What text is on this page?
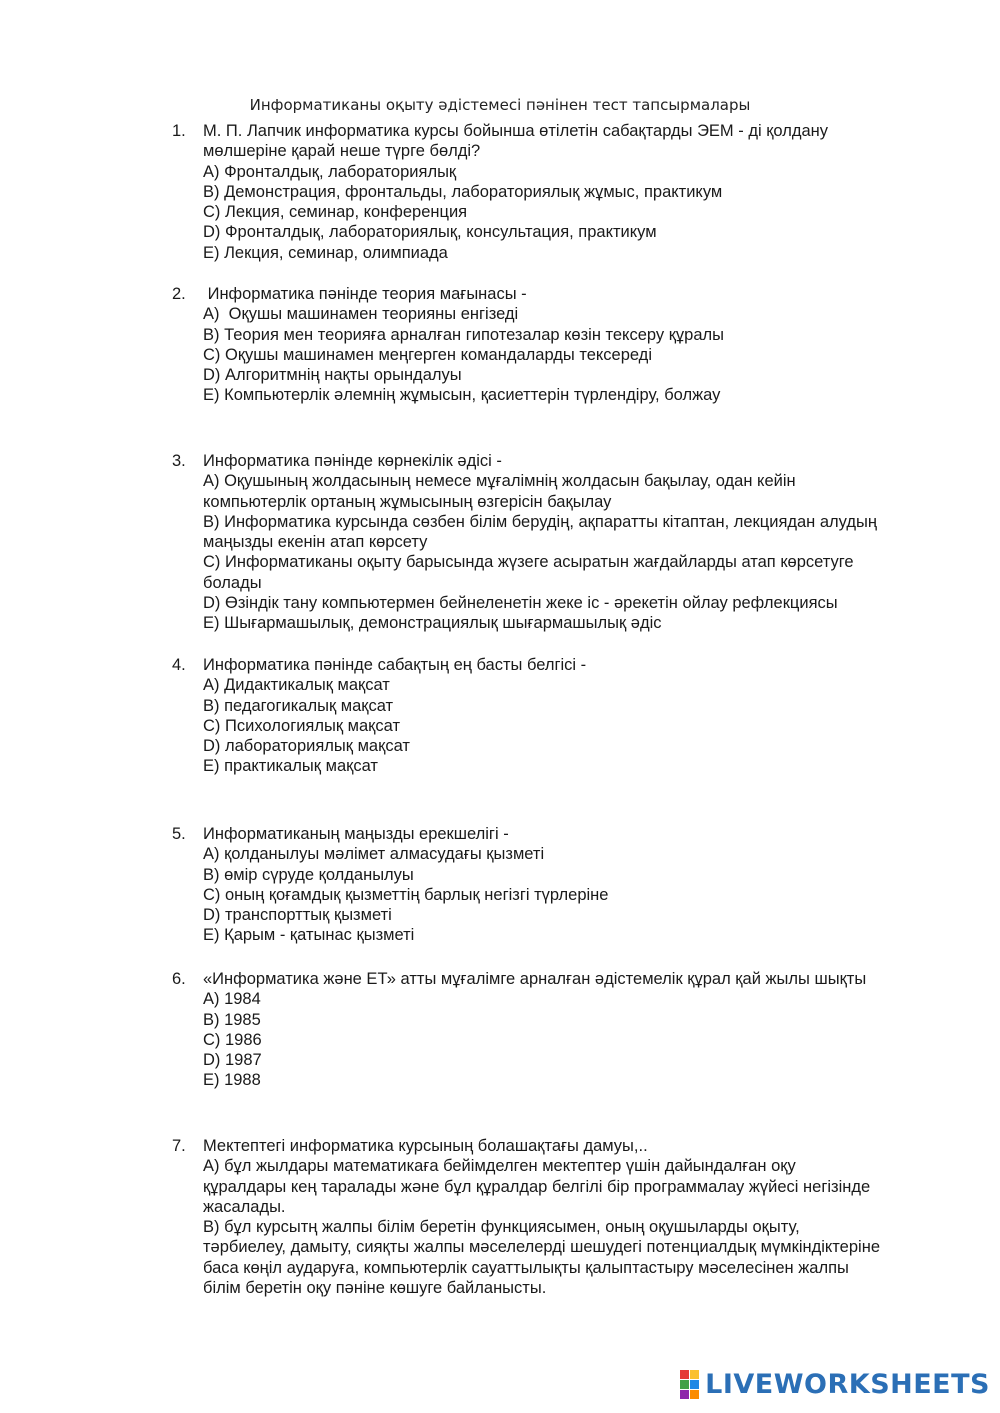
Информатиканы оқыту әдістемесі пәнінен тест тапсырмалары
1. М. П. Лапчик информатика курсы бойынша өтілетін сабақтарды ЭЕМ - ді қолдану
мөлшеріне қарай неше түрге бөлді?
A) Фронталдық, лабораториялық
B) Демонстрация, фронтальды, лабораториялық жұмыс, практикум
C) Лекция, семинар, конференция
D) Фронталдық, лабораториялық, консультация, практикум
E) Лекция, семинар, олимпиада
2. Информатика пәнінде теория мағынасы -
A)  Оқушы машинамен теорияны енгізеді
B) Теория мен теорияға арналған гипотезалар көзін тексеру құралы
C) Оқушы машинамен меңгерген командаларды тексереді
D) Алгоритмнің нақты орындалуы
E) Компьютерлік әлемнің жұмысын, қасиеттерін түрлендіру, болжау
3. Информатика пәнінде көрнекілік әдісі -
A) Оқушының жолдасының немесе мұғалімнің жолдасын бақылау, одан кейін
компьютерлік ортаның жұмысының өзгерісін бақылау
B) Информатика курсында сөзбен білім берудің, ақпаратты кітаптан, лекциядан алудың
маңызды екенін атап көрсету
C) Информатиканы оқыту барысында жүзеге асыратын жағдайларды атап көрсетуге
болады
D) Өзіндік тану компьютермен бейнеленетін жеке іс - әрекетін ойлау рефлекциясы
E) Шығармашылық, демонстрациялық шығармашылық әдіс
4. Информатика пәнінде сабақтың ең басты белгісі -
A) Дидактикалық мақсат
B) педагогикалық мақсат
C) Психологиялық мақсат
D) лабораториялық мақсат
E) практикалық мақсат
5. Информатиканың маңызды ерекшелігі -
A) қолданылуы мәлімет алмасудағы қызметі
B) өмір сүруде қолданылуы
C) оның қоғамдық қызметтің барлық негізгі түрлеріне
D) транспорттық қызметі
E) Қарым - қатынас қызметі
6. «Информатика және ЕТ» атты мұғалімге арналған әдістемелік құрал қай жылы шықты
A) 1984
B) 1985
C) 1986
D) 1987
E) 1988
7. Мектептегі информатика курсының болашақтағы дамуы,..
A) бұл жылдары математикаға бейімделген мектептер үшін дайындалған оқу
құралдары кең таралады және бұл құралдар белгілі бір программалау жүйесі негізінде
жасалады.
B) бұл курсытң жалпы білім беретін функциясымен, оның оқушыларды оқыту,
тәрбиелеу, дамыту, сияқты жалпы мәселелерді шешудегі потенциалдық мүмкіндіктеріне
баса көңіл аударуға, компьютерлік сауаттылықты қалыптастыру мәселесінен жалпы
білім беретін оқу пәніне көшуге байланысты.
LIVEWORKSHEETS
